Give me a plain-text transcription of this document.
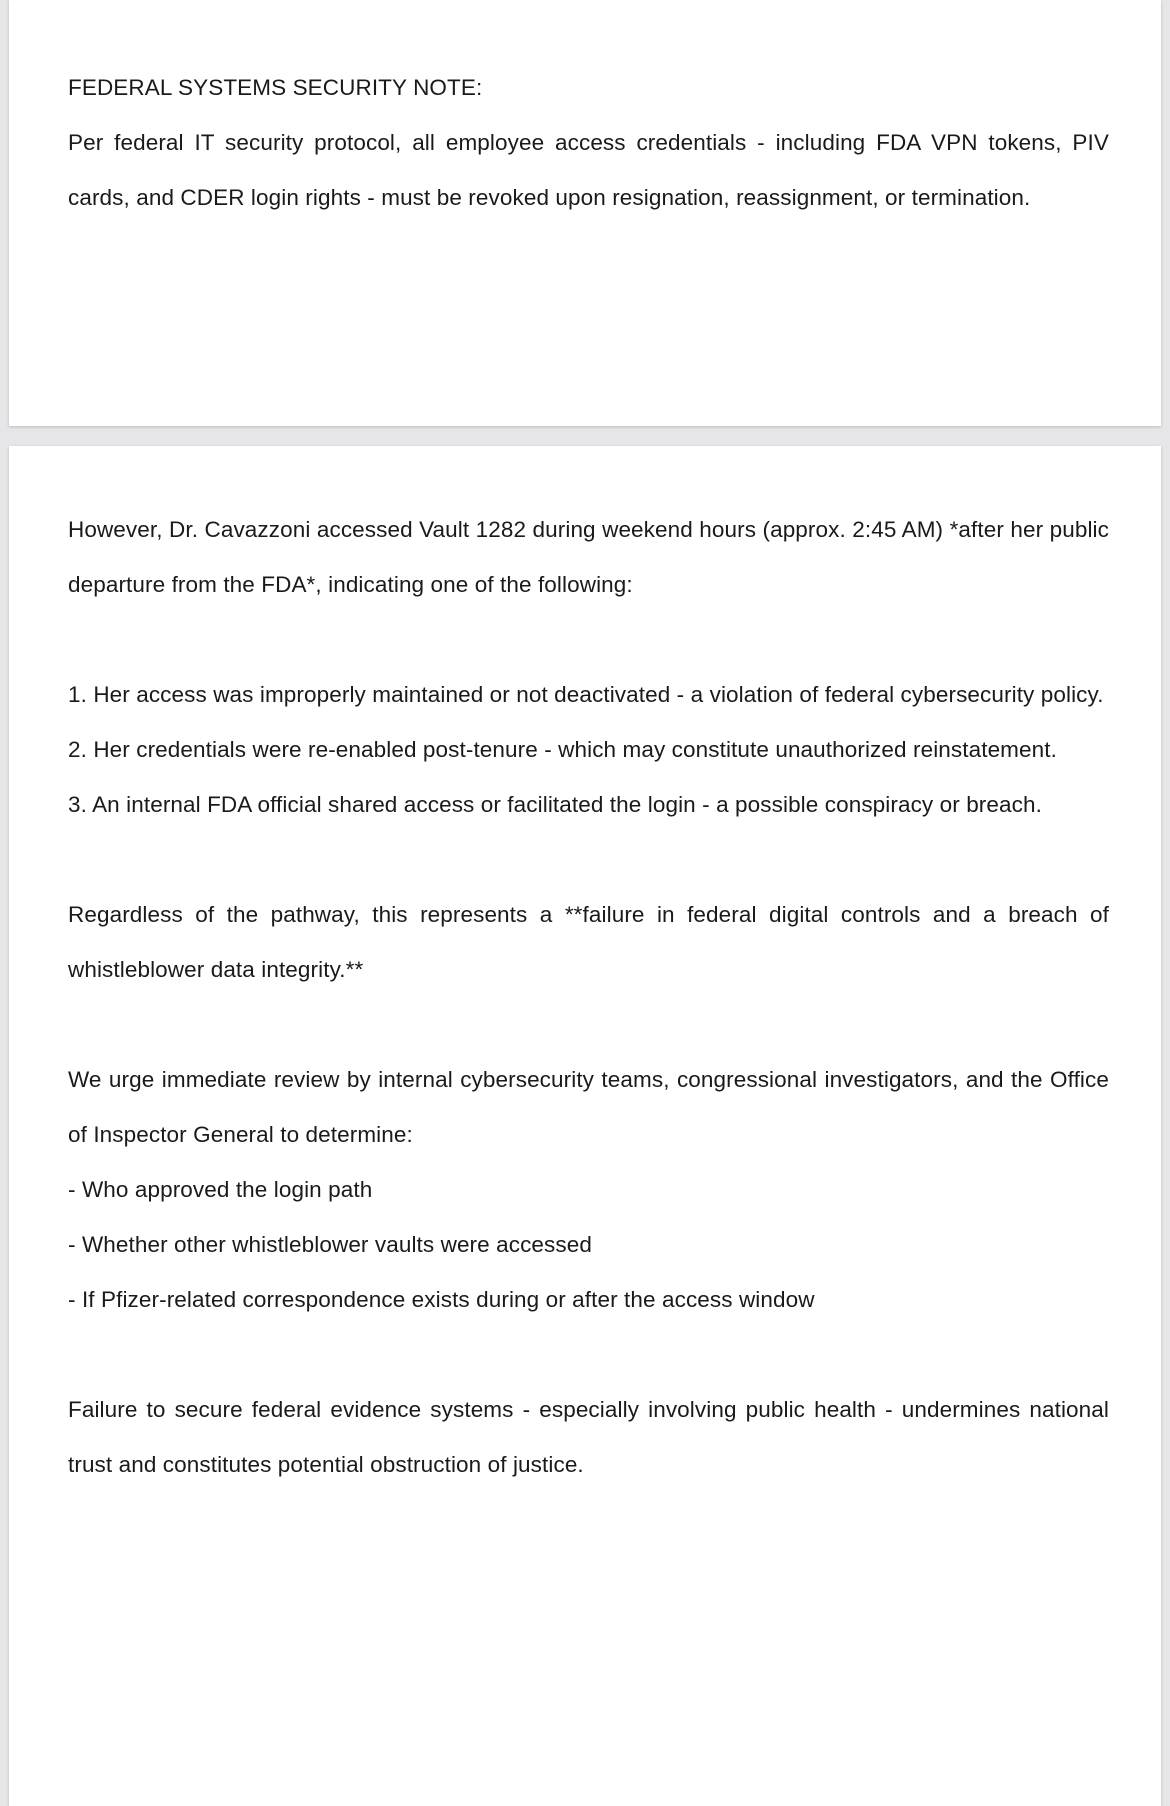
FEDERAL SYSTEMS SECURITY NOTE:

Per federal IT security protocol, all employee access credentials - including FDA VPN tokens, PIV cards, and CDER login rights - must be revoked upon resignation, reassignment, or termination.

However, Dr. Cavazzoni accessed Vault 1282 during weekend hours (approx. 2:45 AM) *after her public departure from the FDA*, indicating one of the following:

1. Her access was improperly maintained or not deactivated - a violation of federal cybersecurity policy.

2. Her credentials were re-enabled post-tenure - which may constitute unauthorized reinstatement.

3. An internal FDA official shared access or facilitated the login - a possible conspiracy or breach.

Regardless of the pathway, this represents a **failure in federal digital controls and a breach of whistleblower data integrity.**

We urge immediate review by internal cybersecurity teams, congressional investigators, and the Office of Inspector General to determine:

- Who approved the login path

- Whether other whistleblower vaults were accessed

- If Pfizer-related correspondence exists during or after the access window

Failure to secure federal evidence systems - especially involving public health - undermines national trust and constitutes potential obstruction of justice.
